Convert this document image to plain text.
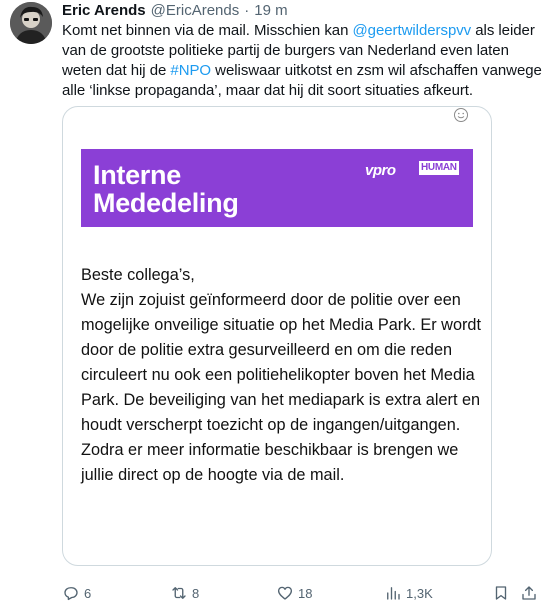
Eric Arends @EricArends · 19 m
Komt net binnen via de mail. Misschien kan @geertwilderspvv als leider van de grootste politieke partij de burgers van Nederland even laten weten dat hij de #NPO weliswaar uitkotst en zsm wil afschaffen vanwege alle ‘linkse propaganda’, maar dat hij dit soort situaties afkeurt.
Interne
Mededeling
vpro	HUMAN

Beste collega’s,

We zijn zojuist geïnformeerd door de politie over een mogelijke onveilige situatie op het Media Park. Er wordt door de politie extra gesurveilleerd en om die reden circuleert nu ook een politiehelikopter boven het Media Park. De beveiliging van het mediapark is extra alert en houdt verscherpt toezicht op de ingangen/uitgangen.

Zodra er meer informatie beschikbaar is brengen we jullie direct op de hoogte via de mail.

6	8	18	1,3K
